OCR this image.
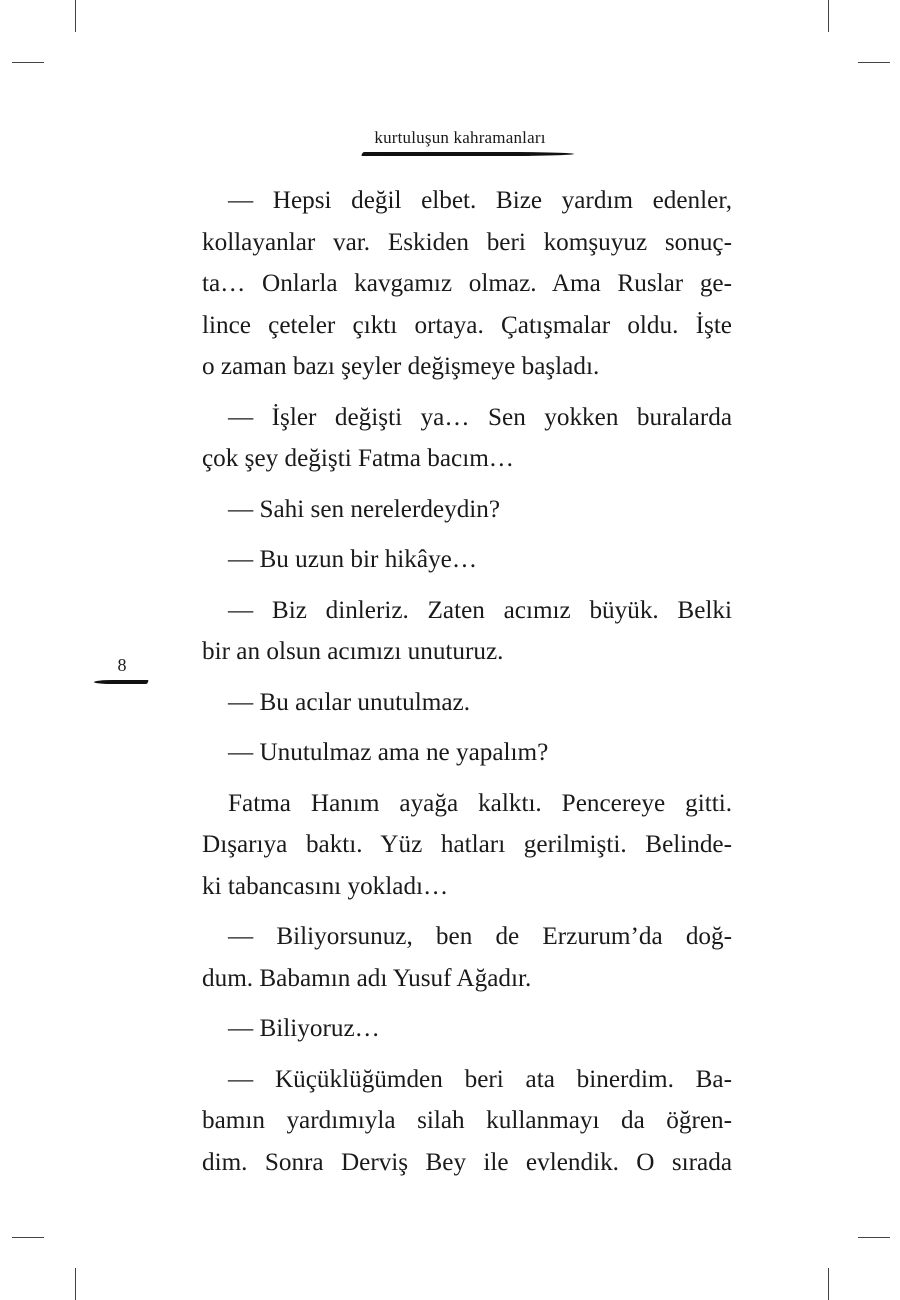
kurtuluşun kahramanları
8

— Hepsi değil elbet. Bize yardım edenler,
kollayanlar var. Eskiden beri komşuyuz sonuç-
ta… Onlarla kavgamız olmaz. Ama Ruslar ge-
lince çeteler çıktı ortaya. Çatışmalar oldu. İşte
o zaman bazı şeyler değişmeye başladı.

— İşler değişti ya… Sen yokken buralarda
çok şey değişti Fatma bacım…

— Sahi sen nerelerdeydin?

— Bu uzun bir hikâye…

— Biz dinleriz. Zaten acımız büyük. Belki
bir an olsun acımızı unuturuz.

— Bu acılar unutulmaz.

— Unutulmaz ama ne yapalım?

Fatma Hanım ayağa kalktı. Pencereye gitti.
Dışarıya baktı. Yüz hatları gerilmişti. Belinde-
ki tabancasını yokladı…

— Biliyorsunuz, ben de Erzurum’da doğ-
dum. Babamın adı Yusuf Ağadır.

— Biliyoruz…

— Küçüklüğümden beri ata binerdim. Ba-
bamın yardımıyla silah kullanmayı da öğren-
dim. Sonra Derviş Bey ile evlendik. O sırada
